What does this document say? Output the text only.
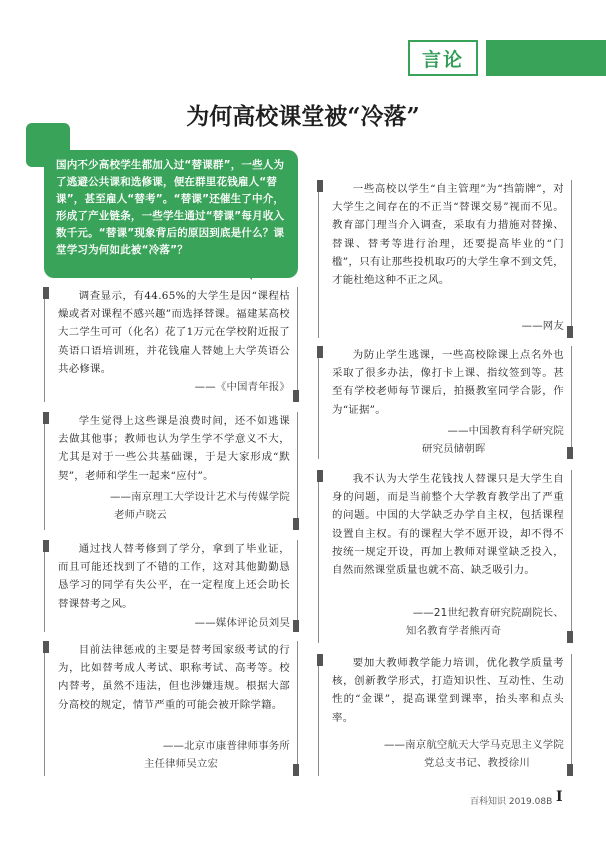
言论
为何高校课堂被“冷落”
国内不少高校学生都加入过“替课群”，一些人为了逃避公共课和选修课，便在群里花钱雇人“替课”，甚至雇人“替考”。“替课”还催生了中介，形成了产业链条，一些学生通过“替课”每月收入数千元。“替课”现象背后的原因到底是什么？课堂学习为何如此被“冷落”？
调查显示，有44.65%的大学生是因“课程枯燥或者对课程不感兴趣”而选择替课。福建某高校大二学生可可（化名）花了1万元在学校附近报了英语口语培训班，并花钱雇人替她上大学英语公共必修课。
——《中国青年报》
学生觉得上这些课是浪费时间，还不如逃课去做其他事；教师也认为学生学不学意义不大，尤其是对于一些公共基础课，于是大家形成“默契”，老师和学生一起来“应付”。
——南京理工大学设计艺术与传媒学院
老师卢晓云
通过找人替考修到了学分，拿到了毕业证，而且可能还找到了不错的工作，这对其他勤勤恳恳学习的同学有失公平，在一定程度上还会助长替课替考之风。
——媒体评论员刘昊
目前法律惩戒的主要是替考国家级考试的行为，比如替考成人考试、职称考试、高考等。校内替考，虽然不违法，但也涉嫌违规。根据大部分高校的规定，情节严重的可能会被开除学籍。
——北京市康普律师事务所
主任律师吴立宏
一些高校以学生“自主管理”为“挡箭牌”，对大学生之间存在的不正当“替课交易”视而不见。教育部门理当介入调查，采取有力措施对替操、替课、替考等进行治理，还要提高毕业的“门槛”，只有让那些投机取巧的大学生拿不到文凭，才能杜绝这种不正之风。
——网友
为防止学生逃课，一些高校除课上点名外也采取了很多办法，像打卡上课、指纹签到等。甚至有学校老师每节课后，拍摄教室同学合影，作为“证据”。
——中国教育科学研究院
研究员储朝晖
我不认为大学生花钱找人替课只是大学生自身的问题，而是当前整个大学教育教学出了严重的问题。中国的大学缺乏办学自主权，包括课程设置自主权。有的课程大学不愿开设，却不得不按统一规定开设，再加上教师对课堂缺乏投入，自然而然课堂质量也就不高、缺乏吸引力。
——21世纪教育研究院副院长、
知名教育学者熊丙奇
要加大教师教学能力培训，优化教学质量考核，创新教学形式，打造知识性、互动性、生动性的“金课”，提高课堂到课率，抬头率和点头率。
——南京航空航天大学马克思主义学院
党总支书记、教授徐川
百科知识 2019.08B I
